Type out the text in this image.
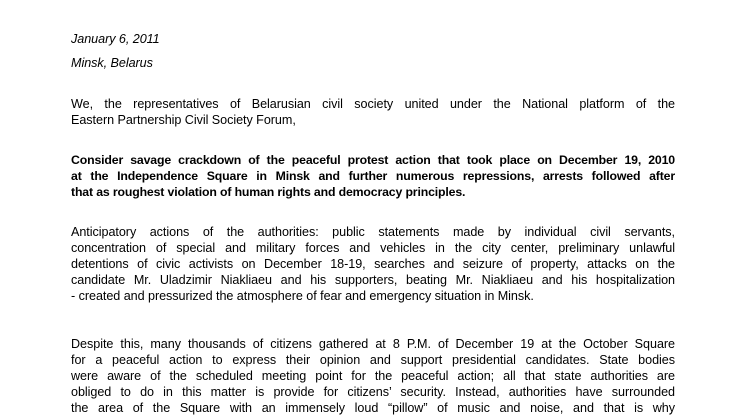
January 6, 2011
Minsk, Belarus
We, the representatives of Belarusian civil society united under the National platform of the
Eastern Partnership Civil Society Forum,
Consider savage crackdown of the peaceful protest action that took place on December 19, 2010
at the Independence Square in Minsk and further numerous repressions, arrests followed after
that as roughest violation of human rights and democracy principles.
Anticipatory actions of the authorities: public statements made by individual civil servants,
concentration of special and military forces and vehicles in the city center, preliminary unlawful
detentions of civic activists on December 18-19, searches and seizure of property, attacks on the
candidate Mr. Uladzimir Niakliaeu and his supporters, beating Mr. Niakliaeu and his hospitalization
- created and pressurized the atmosphere of fear and emergency situation in Minsk.
Despite this, many thousands of citizens gathered at 8 P.M. of December 19 at the October Square
for a peaceful action to express their opinion and support presidential candidates. State bodies
were aware of the scheduled meeting point for the peaceful action; all that state authorities are
obliged to do in this matter is provide for citizens’ security. Instead, authorities have surrounded
the area of the Square with an immensely loud “pillow” of music and noise, and that is why
